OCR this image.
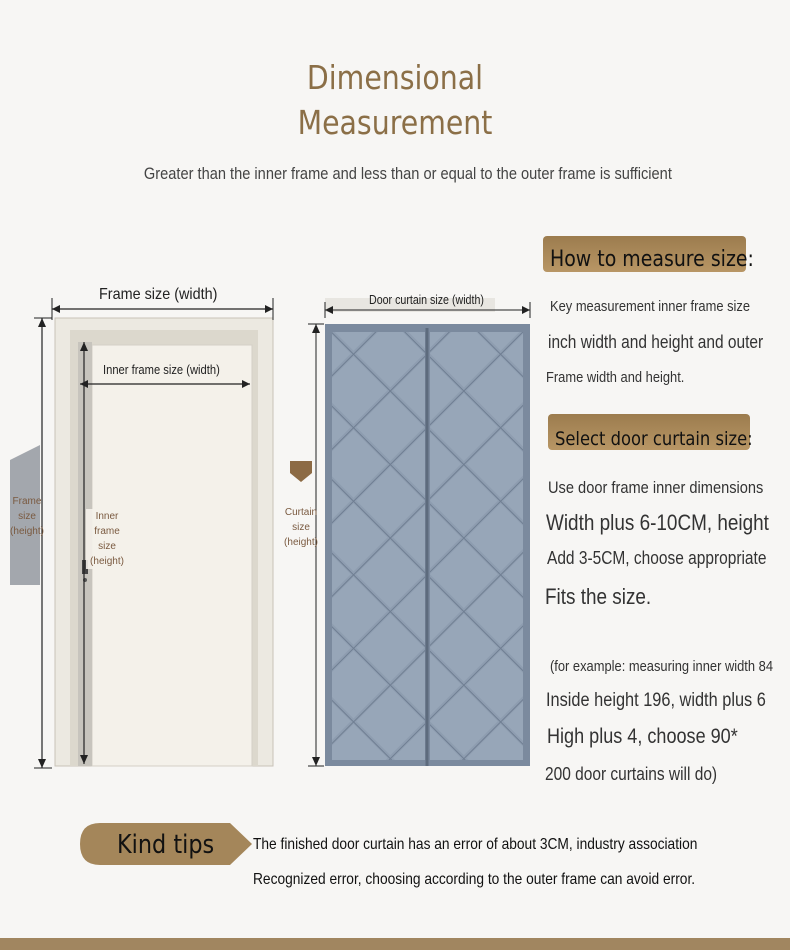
Dimensional
Measurement
Greater than the inner frame and less than or equal to the outer frame is sufficient
Frame size (width)
Inner frame size (width)
Frame
size
(height)
Inner
frame
size
(height)
Door curtain size (width)
Curtain
size
(height)
How to measure size:
Key measurement inner frame size
inch width and height and outer
Frame width and height.
Select door curtain size:
Use door frame inner dimensions
Width plus 6-10CM, height
Add 3-5CM, choose appropriate
Fits the size.
(for example: measuring inner width 84
Inside height 196, width plus 6
High plus 4, choose 90*
200 door curtains will do)
Kind tips The finished door curtain has an error of about 3CM, industry association
Recognized error, choosing according to the outer frame can avoid error.
